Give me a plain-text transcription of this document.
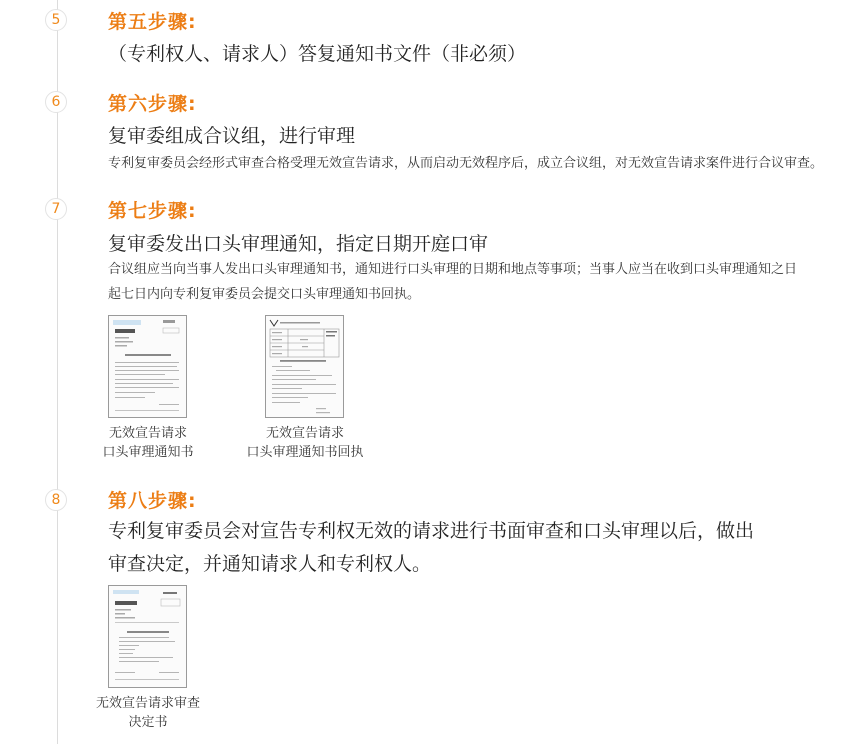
5	第五步骤:
（专利权人、请求人）答复通知书文件（非必须）
6	第六步骤:
复审委组成合议组，进行审理
专利复审委员会经形式审查合格受理无效宣告请求，从而启动无效程序后，成立合议组，对无效宣告请求案件进行合议审查。
7	第七步骤:
复审委发出口头审理通知，指定日期开庭口审
合议组应当向当事人发出口头审理通知书，通知进行口头审理的日期和地点等事项；当事人应当在收到口头审理通知之日
起七日内向专利复审委员会提交口头审理通知书回执。
无效宣告请求
口头审理通知书
无效宣告请求
口头审理通知书回执
8	第八步骤:
专利复审委员会对宣告专利权无效的请求进行书面审查和口头审理以后，做出
审查决定，并通知请求人和专利权人。
无效宣告请求审查
决定书
